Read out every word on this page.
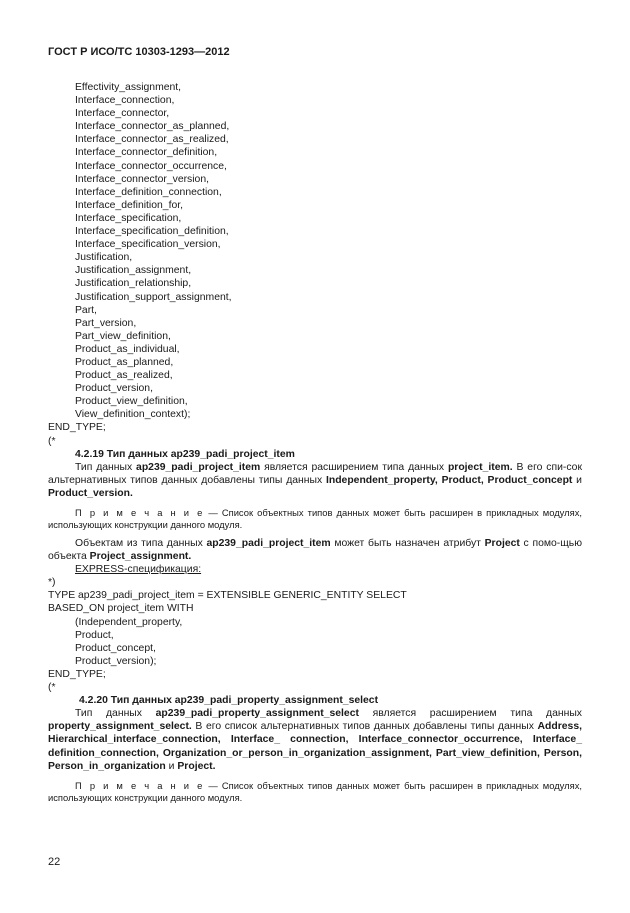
ГОСТ Р ИСО/ТС 10303-1293—2012
Effectivity_assignment,
Interface_connection,
Interface_connector,
Interface_connector_as_planned,
Interface_connector_as_realized,
Interface_connector_definition,
Interface_connector_occurrence,
Interface_connector_version,
Interface_definition_connection,
Interface_definition_for,
Interface_specification,
Interface_specification_definition,
Interface_specification_version,
Justification,
Justification_assignment,
Justification_relationship,
Justification_support_assignment,
Part,
Part_version,
Part_view_definition,
Product_as_individual,
Product_as_planned,
Product_as_realized,
Product_version,
Product_view_definition,
View_definition_context);
END_TYPE;
(*
4.2.19 Тип данных ap239_padi_project_item
Тип данных ap239_padi_project_item является расширением типа данных project_item. В его спи-сок альтернативных типов данных добавлены типы данных Independent_property, Product, Product_concept и Product_version.
П р и м е ч а н и е — Список объектных типов данных может быть расширен в прикладных модулях, использующих конструкции данного модуля.
Объектам из типа данных ap239_padi_project_item может быть назначен атрибут Project с помо-щью объекта Project_assignment.
EXPRESS-спецификация:
*)
TYPE ap239_padi_project_item = EXTENSIBLE GENERIC_ENTITY SELECT
BASED_ON project_item WITH
(Independent_property,
Product,
Product_concept,
Product_version);
END_TYPE;
(*
4.2.20 Тип данных ap239_padi_property_assignment_select
Тип данных ap239_padi_property_assignment_select является расширением типа данных property_assignment_select. В его список альтернативных типов данных добавлены типы данных Address, Hierarchical_interface_connection, Interface_ connection, Interface_connector_occurrence, Interface_ definition_connection, Organization_or_person_in_organization_assignment, Part_view_definition, Person, Person_in_organization и Project.
П р и м е ч а н и е — Список объектных типов данных может быть расширен в прикладных модулях, использующих конструкции данного модуля.
22
